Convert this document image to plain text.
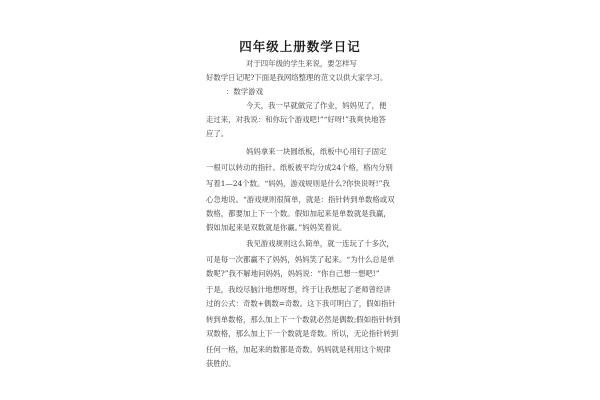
四年级上册数学日记
对于四年级的学生来说，要怎样写
好数学日记呢?下面是我网络整理的范文以供大家学习。
：数学游戏
今天，我一早就做完了作业，妈妈见了，便
走过来，对我说：和你玩个游戏吧!”“好呀!”我爽快地答
应了。
妈妈拿来一块圆纸板，纸板中心用钉子固定
一根可以转动的指针。纸板被平均分成24个格，格内分别
写着1—24个数。“妈妈，游戏规则是什么?你快说呀!”我
心急地说。“游戏规则很简单，就是：指针转到单数格或双
数格，都要加上下一个数。假如加起来是单数就是我赢，
假如加起来是双数就是你赢。”妈妈笑着说。
我见游戏规则这么简单，就一连玩了十多次，
可是每一次都赢不了妈妈，妈妈笑了起来。“为什么总是单
数呢?”我不解地问妈妈，妈妈说：“你自己想一想吧!”
于是，我绞尽脑汁地想呀想，终于让我想起了老师曾经讲
过的公式：奇数+偶数=奇数。这下我可明白了，假如指针
转到单数格，那么加上下一个数就必然是偶数;假如指针转到
双数格，那么加上下一个数就是奇数。所以，无论指针转到
任何一格，加起来的数都是奇数。妈妈就是利用这个规律
获胜的。
